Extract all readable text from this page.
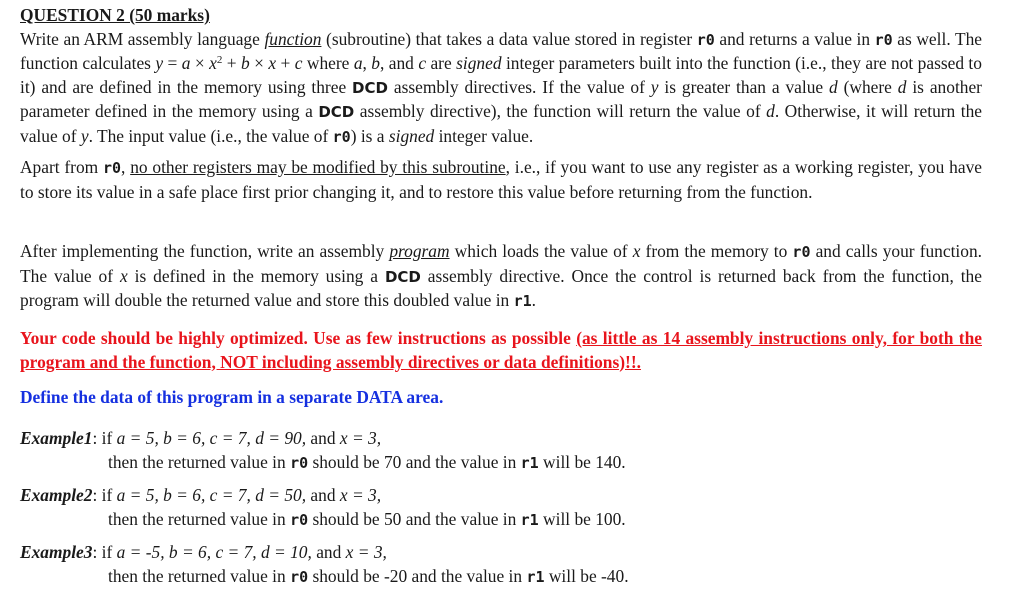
QUESTION 2 (50 marks)
Write an ARM assembly language function (subroutine) that takes a data value stored in register r0 and returns a value in r0 as well. The function calculates $y = a \times x^2 + b \times x + c$ where a, b, and c are signed integer parameters built into the function (i.e., they are not passed to it) and are defined in the memory using three DCD assembly directives. If the value of y is greater than a value d (where d is another parameter defined in the memory using a DCD assembly directive), the function will return the value of d. Otherwise, it will return the value of y. The input value (i.e., the value of r0) is a signed integer value.
Apart from r0, no other registers may be modified by this subroutine, i.e., if you want to use any register as a working register, you have to store its value in a safe place first prior changing it, and to restore this value before returning from the function.
After implementing the function, write an assembly program which loads the value of x from the memory to r0 and calls your function. The value of x is defined in the memory using a DCD assembly directive. Once the control is returned back from the function, the program will double the returned value and store this doubled value in r1.
Your code should be highly optimized. Use as few instructions as possible (as little as 14 assembly instructions only, for both the program and the function, NOT including assembly directives or data definitions)!!.
Define the data of this program in a separate DATA area.
Example1: if a = 5, b = 6, c = 7, d = 90, and x = 3,
then the returned value in r0 should be 70 and the value in r1 will be 140.
Example2: if a = 5, b = 6, c = 7, d = 50, and x = 3,
then the returned value in r0 should be 50 and the value in r1 will be 100.
Example3: if a = -5, b = 6, c = 7, d = 10, and x = 3,
then the returned value in r0 should be -20 and the value in r1 will be -40.
